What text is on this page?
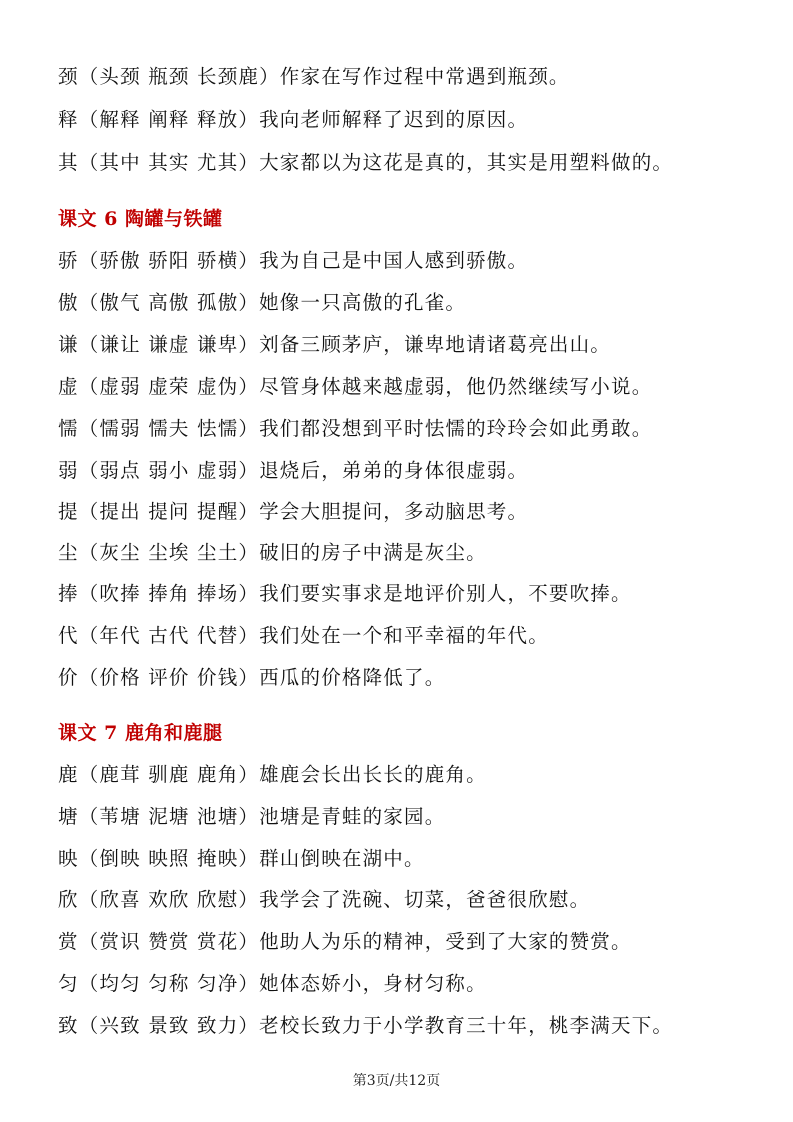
颈（头颈 瓶颈 长颈鹿）作家在写作过程中常遇到瓶颈。
释（解释 阐释 释放）我向老师解释了迟到的原因。
其（其中 其实 尤其）大家都以为这花是真的，其实是用塑料做的。
课文 6 陶罐与铁罐
骄（骄傲 骄阳 骄横）我为自己是中国人感到骄傲。
傲（傲气 高傲 孤傲）她像一只高傲的孔雀。
谦（谦让 谦虚 谦卑）刘备三顾茅庐，谦卑地请诸葛亮出山。
虚（虚弱 虚荣 虚伪）尽管身体越来越虚弱，他仍然继续写小说。
懦（懦弱 懦夫 怯懦）我们都没想到平时怯懦的玲玲会如此勇敢。
弱（弱点 弱小 虚弱）退烧后，弟弟的身体很虚弱。
提（提出 提问 提醒）学会大胆提问，多动脑思考。
尘（灰尘 尘埃 尘土）破旧的房子中满是灰尘。
捧（吹捧 捧角 捧场）我们要实事求是地评价别人，不要吹捧。
代（年代 古代 代替）我们处在一个和平幸福的年代。
价（价格 评价 价钱）西瓜的价格降低了。
课文 7 鹿角和鹿腿
鹿（鹿茸 驯鹿 鹿角）雄鹿会长出长长的鹿角。
塘（苇塘 泥塘 池塘）池塘是青蛙的家园。
映（倒映 映照 掩映）群山倒映在湖中。
欣（欣喜 欢欣 欣慰）我学会了洗碗、切菜，爸爸很欣慰。
赏（赏识 赞赏 赏花）他助人为乐的精神，受到了大家的赞赏。
匀（均匀 匀称 匀净）她体态娇小，身材匀称。
致（兴致 景致 致力）老校长致力于小学教育三十年，桃李满天下。
第3页/共12页
